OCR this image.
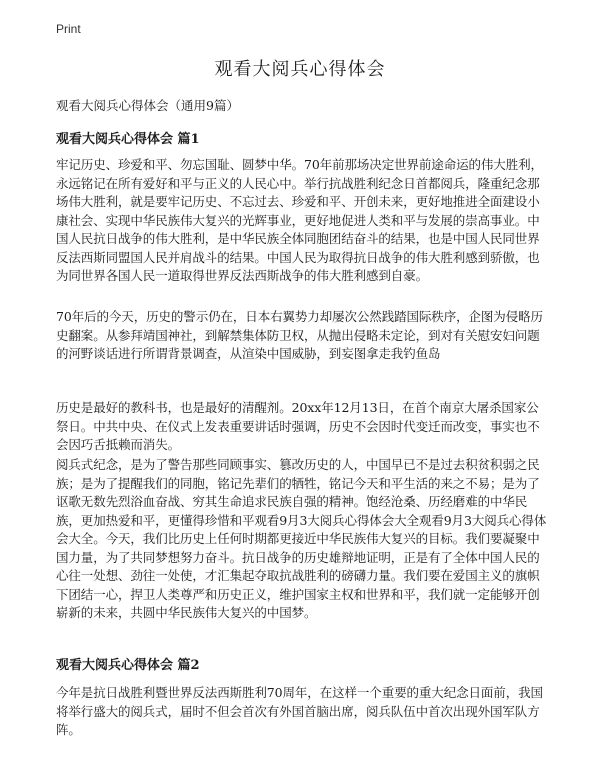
Print
观看大阅兵心得体会
观看大阅兵心得体会（通用9篇）
观看大阅兵心得体会 篇1

牢记历史、珍爱和平、勿忘国耻、圆梦中华。70年前那场决定世界前途命运的伟大胜利，永远铭记在所有爱好和平与正义的人民心中。举行抗战胜利纪念日首都阅兵，隆重纪念那场伟大胜利，就是要牢记历史、不忘过去、珍爱和平、开创未来，更好地推进全面建设小康社会、实现中华民族伟大复兴的光辉事业，更好地促进人类和平与发展的崇高事业。中国人民抗日战争的伟大胜利，是中华民族全体同胞团结奋斗的结果，也是中国人民同世界反法西斯同盟国人民并肩战斗的结果。中国人民为取得抗日战争的伟大胜利感到骄傲，也为同世界各国人民一道取得世界反法西斯战争的伟大胜利感到自豪。

70年后的今天，历史的警示仍在，日本右翼势力却屡次公然践踏国际秩序，企图为侵略历史翻案。从参拜靖国神社，到解禁集体防卫权，从抛出侵略未定论，到对有关慰安妇问题的河野谈话进行所谓背景调查，从渲染中国威胁，到妄图拿走我钓鱼岛

历史是最好的教科书，也是最好的清醒剂。20xx年12月13日，在首个南京大屠杀国家公祭日。中共中央、在仪式上发表重要讲话时强调，历史不会因时代变迁而改变，事实也不会因巧舌抵赖而消失。

阅兵式纪念，是为了警告那些同顾事实、篡改历史的人，中国早已不是过去积贫积弱之民族；是为了提醒我们的同胞，铭记先辈们的牺牲，铭记今天和平生活的来之不易；是为了讴歌无数先烈浴血奋战、穷其生命追求民族自强的精神。饱经沧桑、历经磨难的中华民族，更加热爱和平，更懂得珍惜和平观看9月3大阅兵心得体会大全观看9月3大阅兵心得体会大全。今天，我们比历史上任何时期都更接近中华民族伟大复兴的目标。我们要凝聚中国力量，为了共同梦想努力奋斗。抗日战争的历史雄辩地证明，正是有了全体中国人民的心往一处想、劲往一处使，才汇集起夺取抗战胜利的磅礴力量。我们要在爱国主义的旗帜下团结一心，捍卫人类尊严和历史正义，维护国家主权和世界和平，我们就一定能够开创崭新的未来，共圆中华民族伟大复兴的中国梦。

观看大阅兵心得体会 篇2

今年是抗日战胜利暨世界反法西斯胜利70周年，在这样一个重要的重大纪念日面前，我国将举行盛大的阅兵式，届时不但会首次有外国首脑出席，阅兵队伍中首次出现外国军队方阵。
